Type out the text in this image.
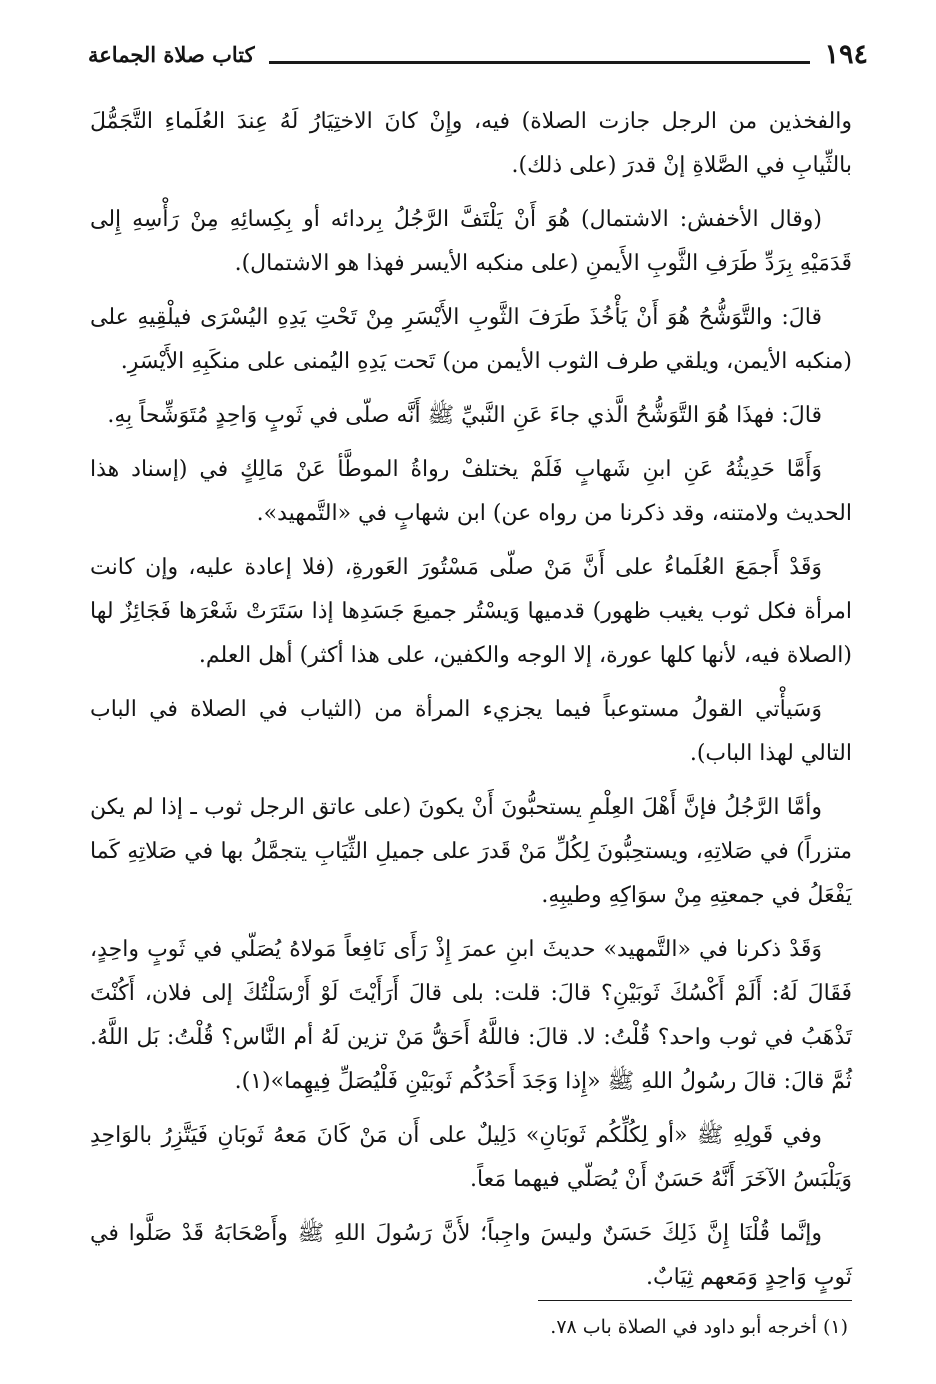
١٩٤
كتاب صلاة الجماعة

والفخذين من الرجل جازت الصلاة) فيه، وإِنْ كانَ الاختِيَارُ لَهُ عِندَ العُلَماءِ التَّجَمُّلَ بالثِّيابِ في الصَّلاةِ إنْ قدرَ (على ذلك).

(وقال الأخفش: الاشتمال) هُوَ أَنْ يَلْتَفَّ الرَّجُلُ بِردائه أو بِكِسائِهِ مِنْ رَأْسِهِ إِلى قَدَمَيْهِ بِرَدِّ طَرَفِ الثَّوبِ الأَيمنِ (على منكبه الأيسر فهذا هو الاشتمال).

قالَ: والتَّوَشُّحُ هُوَ أَنْ يَأْخُذَ طَرَفَ الثَّوبِ الأَيْسَرِ مِنْ تَحْتِ يَدِهِ اليُسْرَى فيلْقِيهِ على (منكبه الأيمن، ويلقي طرف الثوب الأيمن من) تَحت يَدِهِ اليُمنى على منكَبِهِ الأَيْسَرِ.

قالَ: فهذَا هُوَ التَّوَشُّحُ الَّذي جاءَ عَنِ النَّبيِّ ﷺ أَنَّه صلّى في ثَوبٍ وَاحِدٍ مُتَوَشِّحاً بِهِ.

وَأَمَّا حَدِيثُهُ عَنِ ابنِ شَهابٍ فَلَمْ يختلفْ رواةُ الموطَّأ عَنْ مَالِكٍ في (إسناد هذا الحديث ولامتنه، وقد ذكرنا من رواه عن) ابن شهابٍ في «التَّمهيد».

وَقَدْ أَجمَعَ العُلَماءُ على أَنَّ مَنْ صلّى مَسْتُورَ العَورةِ، (فلا إعادة عليه، وإن كانت امرأة فكل ثوب يغيب ظهور) قدميها وَيسْتُر جميعَ جَسَدِها إذا سَتَرَتْ شَعْرَها فَجَائِزٌ لها (الصلاة فيه، لأنها كلها عورة، إلا الوجه والكفين، على هذا أكثر) أهل العلم.

وَسَيأْتي القولُ مستوعباً فيما يجزيء المرأة من (الثياب في الصلاة في الباب التالي لهذا الباب).

وأمَّا الرَّجُلُ فإنَّ أَهْلَ العِلْمِ يستحبُّونَ أَنْ يكونَ (على عاتق الرجل ثوب ـ إذا لم يكن متزراً) في صَلاتِهِ، ويستحِبُّونَ لِكُلِّ مَنْ قَدرَ على جميلِ الثِّيَابِ يتجمَّلُ بها في صَلاتِهِ كَما يَفْعَلُ في جمعتِهِ مِنْ سوَاكِهِ وطيبِهِ.

وَقَدْ ذكرنا في «التَّمهيد» حديثَ ابنِ عمرَ إِذْ رَأَى نَافِعاً مَولاهُ يُصَلّي في ثَوبٍ واحِدٍ، فَقَالَ لَهُ: أَلَمْ أَكْسُكَ ثَوبَيْنِ؟ قالَ: قلت: بلى قالَ أَرَأَيْتَ لَوْ أَرْسَلْتُكَ إلى فلان، أَكُنْتَ تَذْهَبُ في ثوب واحد؟ قُلْتُ: لا. قالَ: فاللَّهُ أَحَقُّ مَنْ تزين لَهُ أم النَّاس؟ قُلْتُ: بَل اللَّهُ. ثُمَّ قالَ: قالَ رسُولُ اللهِ ﷺ «إِذا وَجَدَ أَحَدُكُم ثَوبَيْنِ فَلْيُصَلِّ فِيهِما»(١).

وفي قَولِهِ ﷺ «أو لِكُلِّكُم ثَوبَانِ» دَلِيلٌ على أَن مَنْ كَانَ مَعهُ ثَوبَانِ فَيَتَّزِرُ بالوَاحِدِ وَيَلْبَسُ الآخَرَ أَنَّهُ حَسَنٌ أَنْ يُصَلّي فيهما مَعاً.

وإنَّما قُلْنَا إِنَّ ذَلِكَ حَسَنٌ وليسَ واجِباً؛ لأَنَّ رَسُولَ اللهِ ﷺ وأَصْحَابَهُ قَدْ صَلَّوا في ثَوبٍ وَاحِدٍ وَمَعهم ثِيَابٌ.

(١) أخرجه أبو داود في الصلاة باب ٧٨.
